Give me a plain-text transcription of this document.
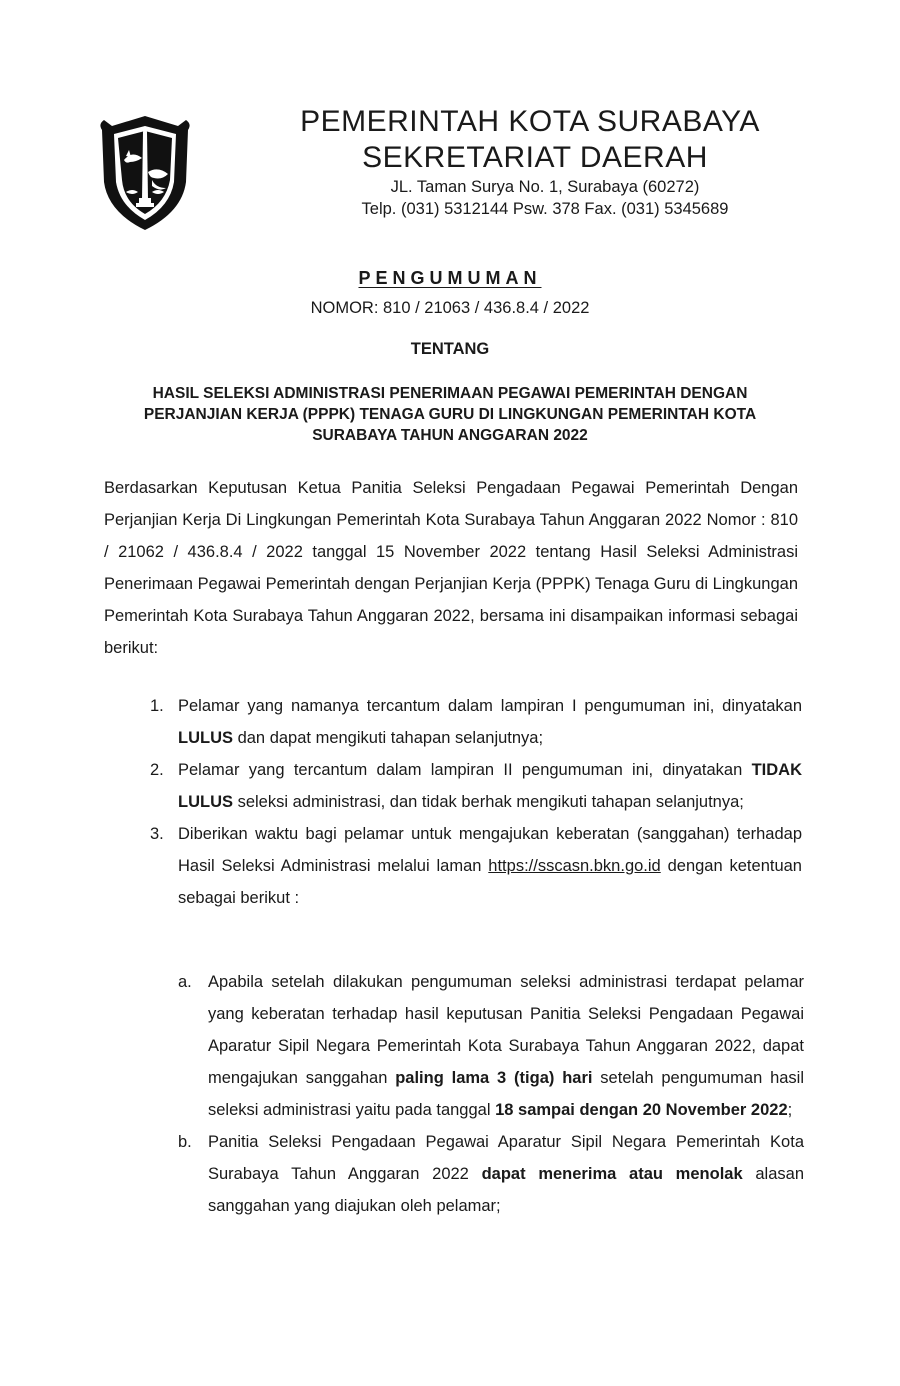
PEMERINTAH KOTA SURABAYA
SEKRETARIAT DAERAH
JL. Taman Surya No. 1, Surabaya (60272)
Telp. (031) 5312144 Psw. 378 Fax. (031) 5345689
PENGUMUMAN
NOMOR: 810 / 21063 / 436.8.4 / 2022
TENTANG
HASIL SELEKSI ADMINISTRASI PENERIMAAN PEGAWAI PEMERINTAH DENGAN
PERJANJIAN KERJA (PPPK) TENAGA GURU DI LINGKUNGAN PEMERINTAH KOTA
SURABAYA TAHUN ANGGARAN 2022
Berdasarkan Keputusan Ketua Panitia Seleksi Pengadaan Pegawai Pemerintah Dengan Perjanjian Kerja Di Lingkungan Pemerintah Kota Surabaya Tahun Anggaran 2022 Nomor : 810 / 21062 / 436.8.4 / 2022 tanggal 15 November 2022 tentang Hasil Seleksi Administrasi Penerimaan Pegawai Pemerintah dengan Perjanjian Kerja (PPPK) Tenaga Guru di Lingkungan Pemerintah Kota Surabaya Tahun Anggaran 2022, bersama ini disampaikan informasi sebagai berikut:
1. Pelamar yang namanya tercantum dalam lampiran I pengumuman ini, dinyatakan LULUS dan dapat mengikuti tahapan selanjutnya;
2. Pelamar yang tercantum dalam lampiran II pengumuman ini, dinyatakan TIDAK LULUS seleksi administrasi, dan tidak berhak mengikuti tahapan selanjutnya;
3. Diberikan waktu bagi pelamar untuk mengajukan keberatan (sanggahan) terhadap Hasil Seleksi Administrasi melalui laman https://sscasn.bkn.go.id dengan ketentuan sebagai berikut :
a. Apabila setelah dilakukan pengumuman seleksi administrasi terdapat pelamar yang keberatan terhadap hasil keputusan Panitia Seleksi Pengadaan Pegawai Aparatur Sipil Negara Pemerintah Kota Surabaya Tahun Anggaran 2022, dapat mengajukan sanggahan paling lama 3 (tiga) hari setelah pengumuman hasil seleksi administrasi yaitu pada tanggal 18 sampai dengan 20 November 2022;
b. Panitia Seleksi Pengadaan Pegawai Aparatur Sipil Negara Pemerintah Kota Surabaya Tahun Anggaran 2022 dapat menerima atau menolak alasan sanggahan yang diajukan oleh pelamar;
